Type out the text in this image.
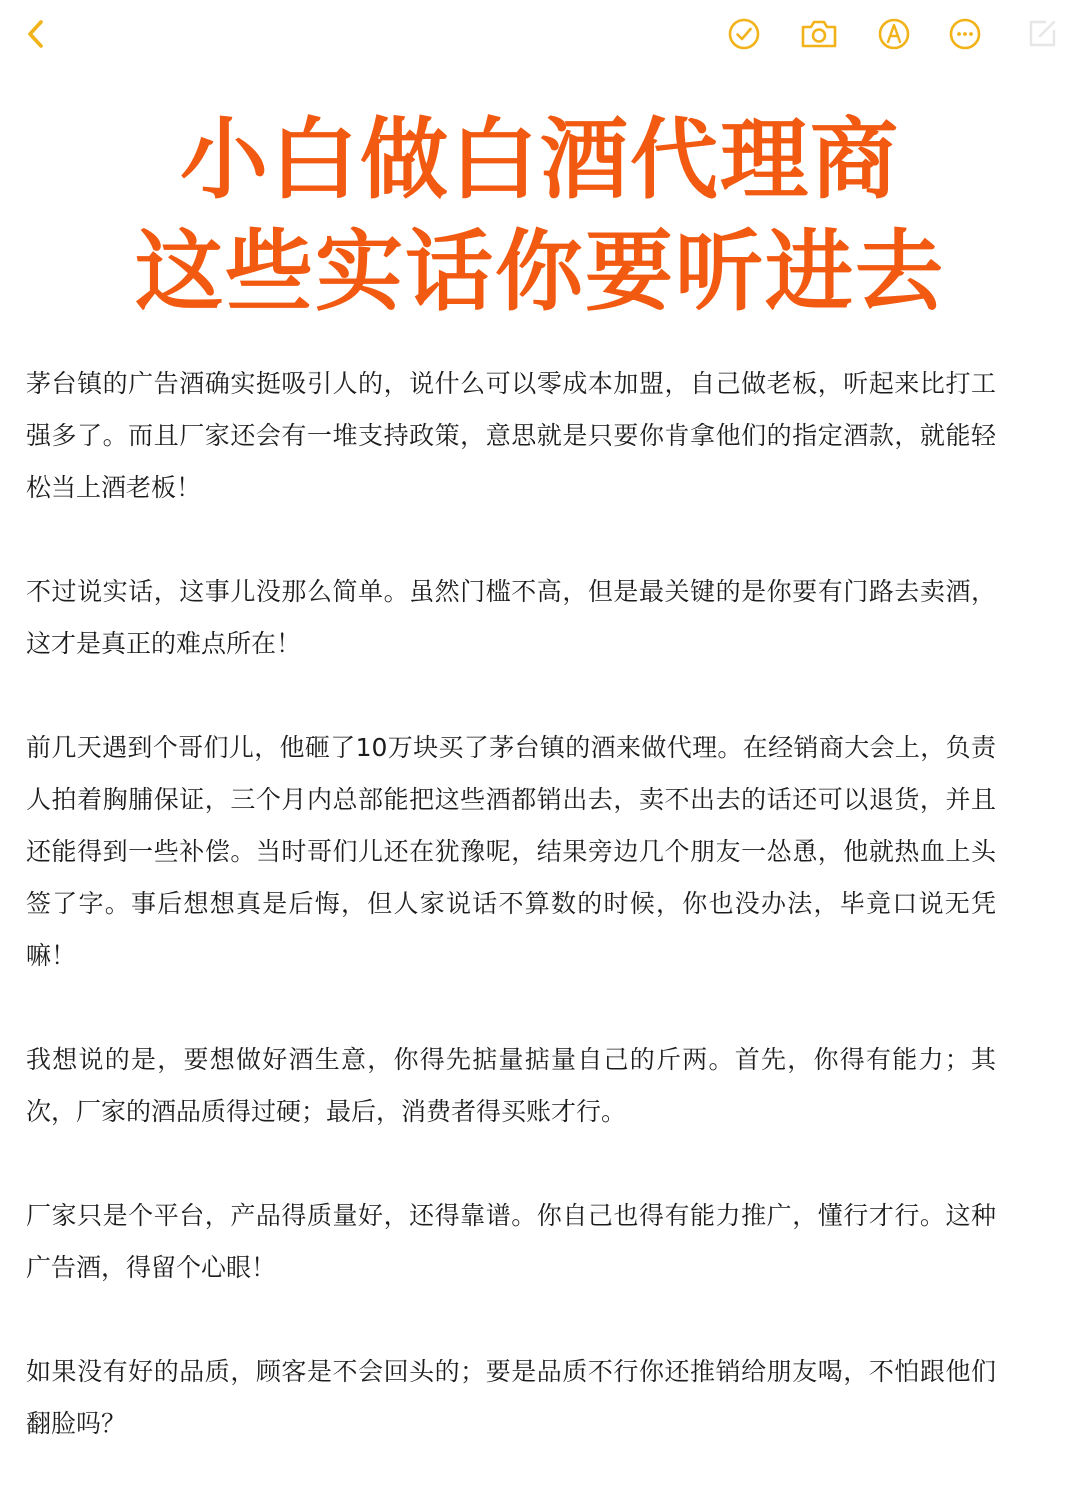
小白做白酒代理商
这些实话你要听进去

茅台镇的广告酒确实挺吸引人的，说什么可以零成本加盟，自己做老板，听起来比打工强多了。而且厂家还会有一堆支持政策，意思就是只要你肯拿他们的指定酒款，就能轻松当上酒老板！

不过说实话，这事儿没那么简单。虽然门槛不高，但是最关键的是你要有门路去卖酒，这才是真正的难点所在！

前几天遇到个哥们儿，他砸了10万块买了茅台镇的酒来做代理。在经销商大会上，负责人拍着胸脯保证，三个月内总部能把这些酒都销出去，卖不出去的话还可以退货，并且还能得到一些补偿。当时哥们儿还在犹豫呢，结果旁边几个朋友一怂恿，他就热血上头签了字。事后想想真是后悔，但人家说话不算数的时候，你也没办法，毕竟口说无凭嘛！

我想说的是，要想做好酒生意，你得先掂量掂量自己的斤两。首先，你得有能力；其次，厂家的酒品质得过硬；最后，消费者得买账才行。

厂家只是个平台，产品得质量好，还得靠谱。你自己也得有能力推广，懂行才行。这种广告酒，得留个心眼！

如果没有好的品质，顾客是不会回头的；要是品质不行你还推销给朋友喝，不怕跟他们翻脸吗？
